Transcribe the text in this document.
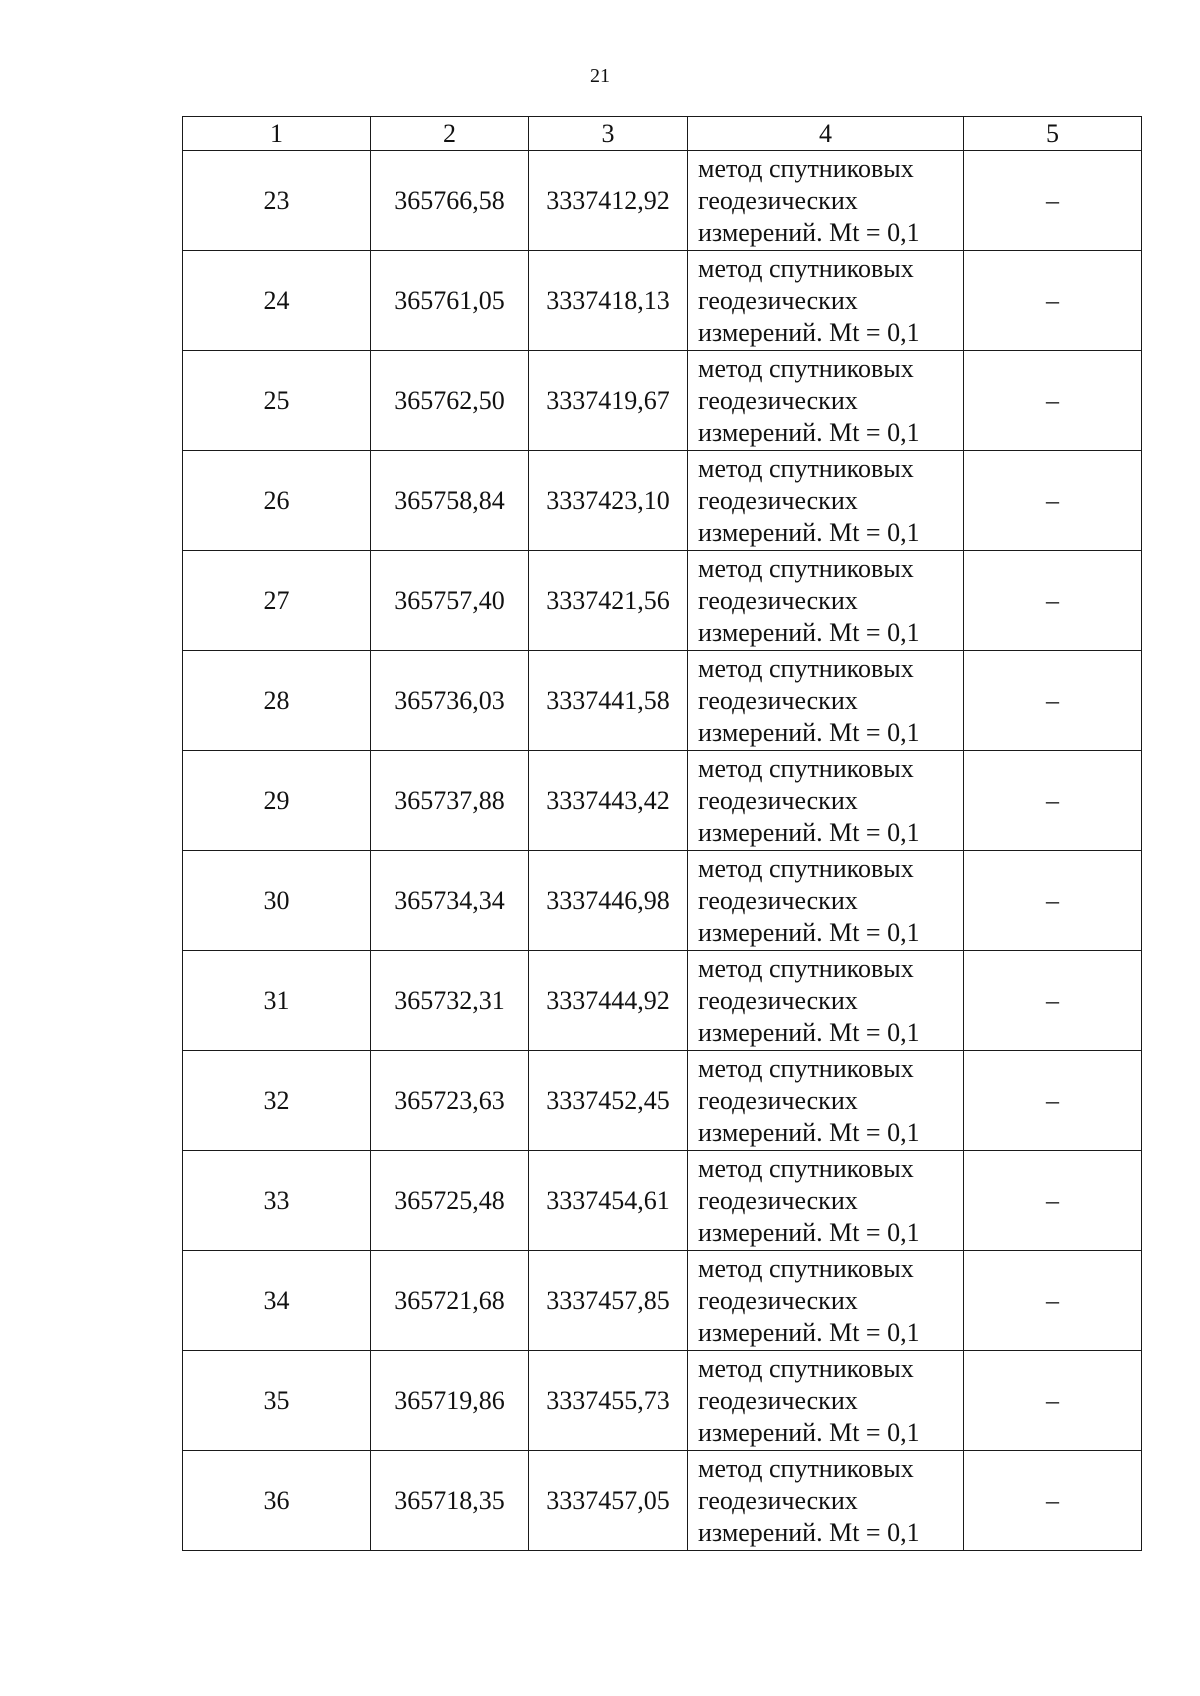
21
1	2	3	4	5
23	365766,58	3337412,92	метод спутниковых
геодезических
измерений. Mt = 0,1	–
24	365761,05	3337418,13	метод спутниковых
геодезических
измерений. Mt = 0,1	–
25	365762,50	3337419,67	метод спутниковых
геодезических
измерений. Mt = 0,1	–
26	365758,84	3337423,10	метод спутниковых
геодезических
измерений. Mt = 0,1	–
27	365757,40	3337421,56	метод спутниковых
геодезических
измерений. Mt = 0,1	–
28	365736,03	3337441,58	метод спутниковых
геодезических
измерений. Mt = 0,1	–
29	365737,88	3337443,42	метод спутниковых
геодезических
измерений. Mt = 0,1	–
30	365734,34	3337446,98	метод спутниковых
геодезических
измерений. Mt = 0,1	–
31	365732,31	3337444,92	метод спутниковых
геодезических
измерений. Mt = 0,1	–
32	365723,63	3337452,45	метод спутниковых
геодезических
измерений. Mt = 0,1	–
33	365725,48	3337454,61	метод спутниковых
геодезических
измерений. Mt = 0,1	–
34	365721,68	3337457,85	метод спутниковых
геодезических
измерений. Mt = 0,1	–
35	365719,86	3337455,73	метод спутниковых
геодезических
измерений. Mt = 0,1	–
36	365718,35	3337457,05	метод спутниковых
геодезических
измерений. Mt = 0,1	–
